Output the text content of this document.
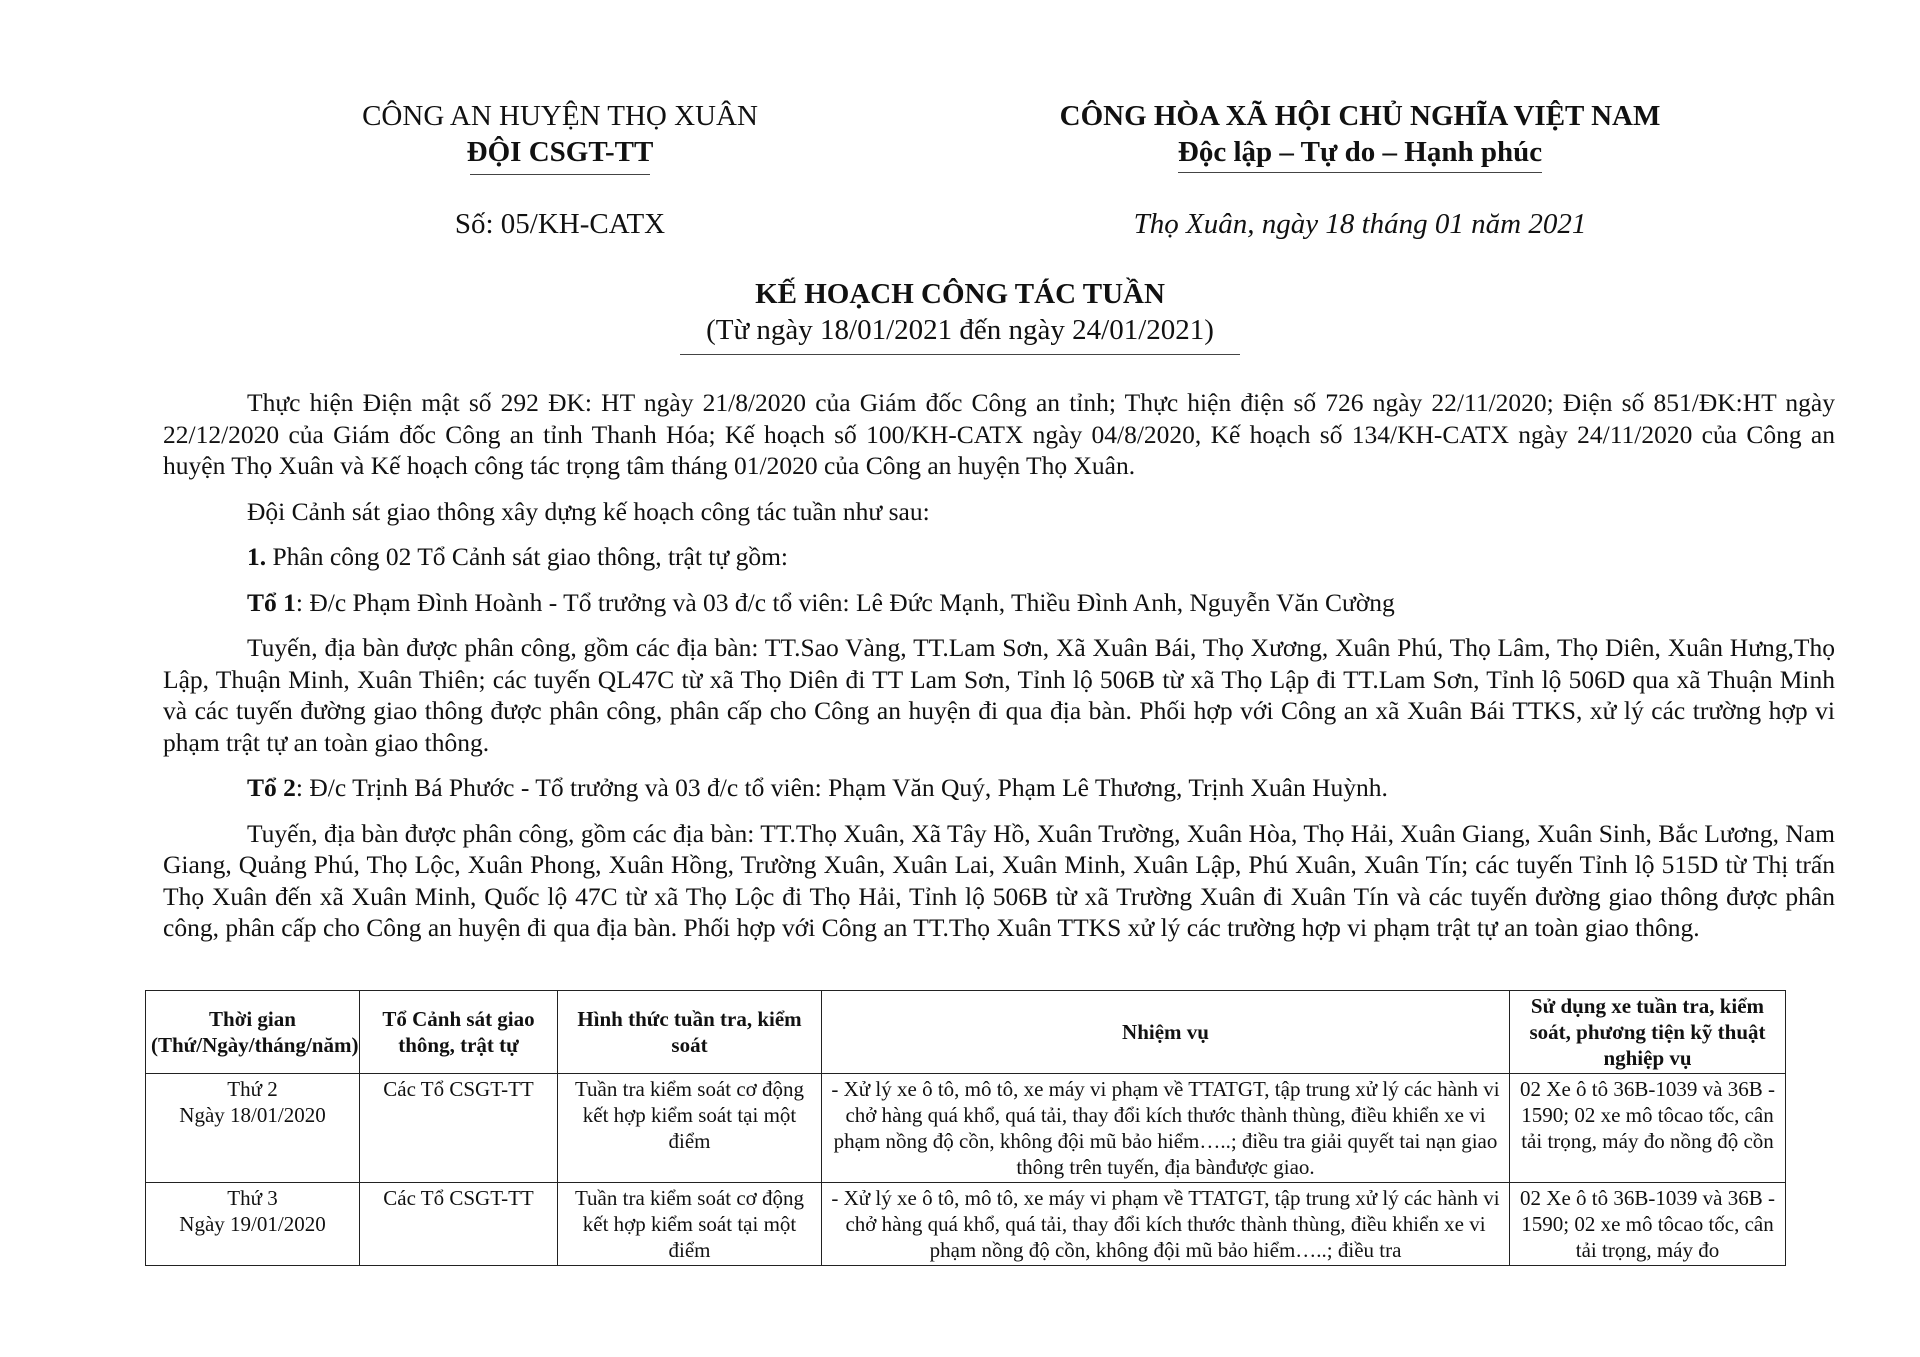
CÔNG AN HUYỆN THỌ XUÂN
ĐỘI CSGT-TT
CÔNG HÒA XÃ HỘI CHỦ NGHĨA VIỆT NAM
Độc lập – Tự do – Hạnh phúc
Số: 05/KH-CATX	Thọ Xuân, ngày 18 tháng 01 năm 2021
KẾ HOẠCH CÔNG TÁC TUẦN
(Từ ngày 18/01/2021 đến ngày 24/01/2021)

Thực hiện Điện mật số 292 ĐK: HT ngày 21/8/2020 của Giám đốc Công an tỉnh; Thực hiện điện số 726 ngày 22/11/2020; Điện số 851/ĐK:HT ngày 22/12/2020 của Giám đốc Công an tỉnh Thanh Hóa; Kế hoạch số 100/KH-CATX ngày 04/8/2020, Kế hoạch số 134/KH-CATX ngày 24/11/2020 của Công an huyện Thọ Xuân và Kế hoạch công tác trọng tâm tháng 01/2020 của Công an huyện Thọ Xuân.

Đội Cảnh sát giao thông xây dựng kế hoạch công tác tuần như sau:

1. Phân công 02 Tổ Cảnh sát giao thông, trật tự gồm:

Tổ 1: Đ/c Phạm Đình Hoành - Tổ trưởng và 03 đ/c tổ viên: Lê Đức Mạnh, Thiều Đình Anh, Nguyễn Văn Cường

Tuyến, địa bàn được phân công, gồm các địa bàn: TT.Sao Vàng, TT.Lam Sơn, Xã Xuân Bái, Thọ Xương, Xuân Phú, Thọ Lâm, Thọ Diên, Xuân Hưng,Thọ Lập, Thuận Minh, Xuân Thiên; các tuyến QL47C từ xã Thọ Diên đi TT Lam Sơn, Tỉnh lộ 506B từ xã Thọ Lập đi TT.Lam Sơn, Tỉnh lộ 506D qua xã Thuận Minh và các tuyến đường giao thông được phân công, phân cấp cho Công an huyện đi qua địa bàn. Phối hợp với Công an xã Xuân Bái TTKS, xử lý các trường hợp vi phạm trật tự an toàn giao thông.

Tổ 2: Đ/c Trịnh Bá Phước - Tổ trưởng và 03 đ/c tổ viên: Phạm Văn Quý, Phạm Lê Thương, Trịnh Xuân Huỳnh.

Tuyến, địa bàn được phân công, gồm các địa bàn: TT.Thọ Xuân, Xã Tây Hồ, Xuân Trường, Xuân Hòa, Thọ Hải, Xuân Giang, Xuân Sinh, Bắc Lương, Nam Giang, Quảng Phú, Thọ Lộc, Xuân Phong, Xuân Hồng, Trường Xuân, Xuân Lai, Xuân Minh, Xuân Lập, Phú Xuân, Xuân Tín; các tuyến Tỉnh lộ 515D từ Thị trấn Thọ Xuân đến xã Xuân Minh, Quốc lộ 47C từ xã Thọ Lộc đi Thọ Hải, Tỉnh lộ 506B từ xã Trường Xuân đi Xuân Tín và các tuyến đường giao thông được phân công, phân cấp cho Công an huyện đi qua địa bàn. Phối hợp với Công an TT.Thọ Xuân TTKS xử lý các trường hợp vi phạm trật tự an toàn giao thông.

Thời gian (Thứ/Ngày/tháng/năm)	Tổ Cảnh sát giao thông, trật tự	Hình thức tuần tra, kiểm soát	Nhiệm vụ	Sử dụng xe tuần tra, kiểm soát, phương tiện kỹ thuật nghiệp vụ

Thứ 2
Ngày 18/01/2020	Các Tổ CSGT-TT	Tuần tra kiểm soát cơ động kết hợp kiểm soát tại một điểm	- Xử lý xe ô tô, mô tô, xe máy vi phạm về TTATGT, tập trung xử lý các hành vi chở hàng quá khổ, quá tải, thay đổi kích thước thành thùng, điều khiển xe vi phạm nồng độ cồn, không đội mũ bảo hiểm…..; điều tra giải quyết tai nạn giao thông trên tuyến, địa bànđược giao.	02 Xe ô tô 36B-1039 và 36B - 1590; 02 xe mô tôcao tốc, cân tải trọng, máy đo nồng độ cồn

Thứ 3
Ngày 19/01/2020	Các Tổ CSGT-TT	Tuần tra kiểm soát cơ động kết hợp kiểm soát tại một điểm	- Xử lý xe ô tô, mô tô, xe máy vi phạm về TTATGT, tập trung xử lý các hành vi chở hàng quá khổ, quá tải, thay đổi kích thước thành thùng, điều khiển xe vi phạm nồng độ cồn, không đội mũ bảo hiểm…..; điều tra	02 Xe ô tô 36B-1039 và 36B - 1590; 02 xe mô tôcao tốc, cân tải trọng, máy đo
